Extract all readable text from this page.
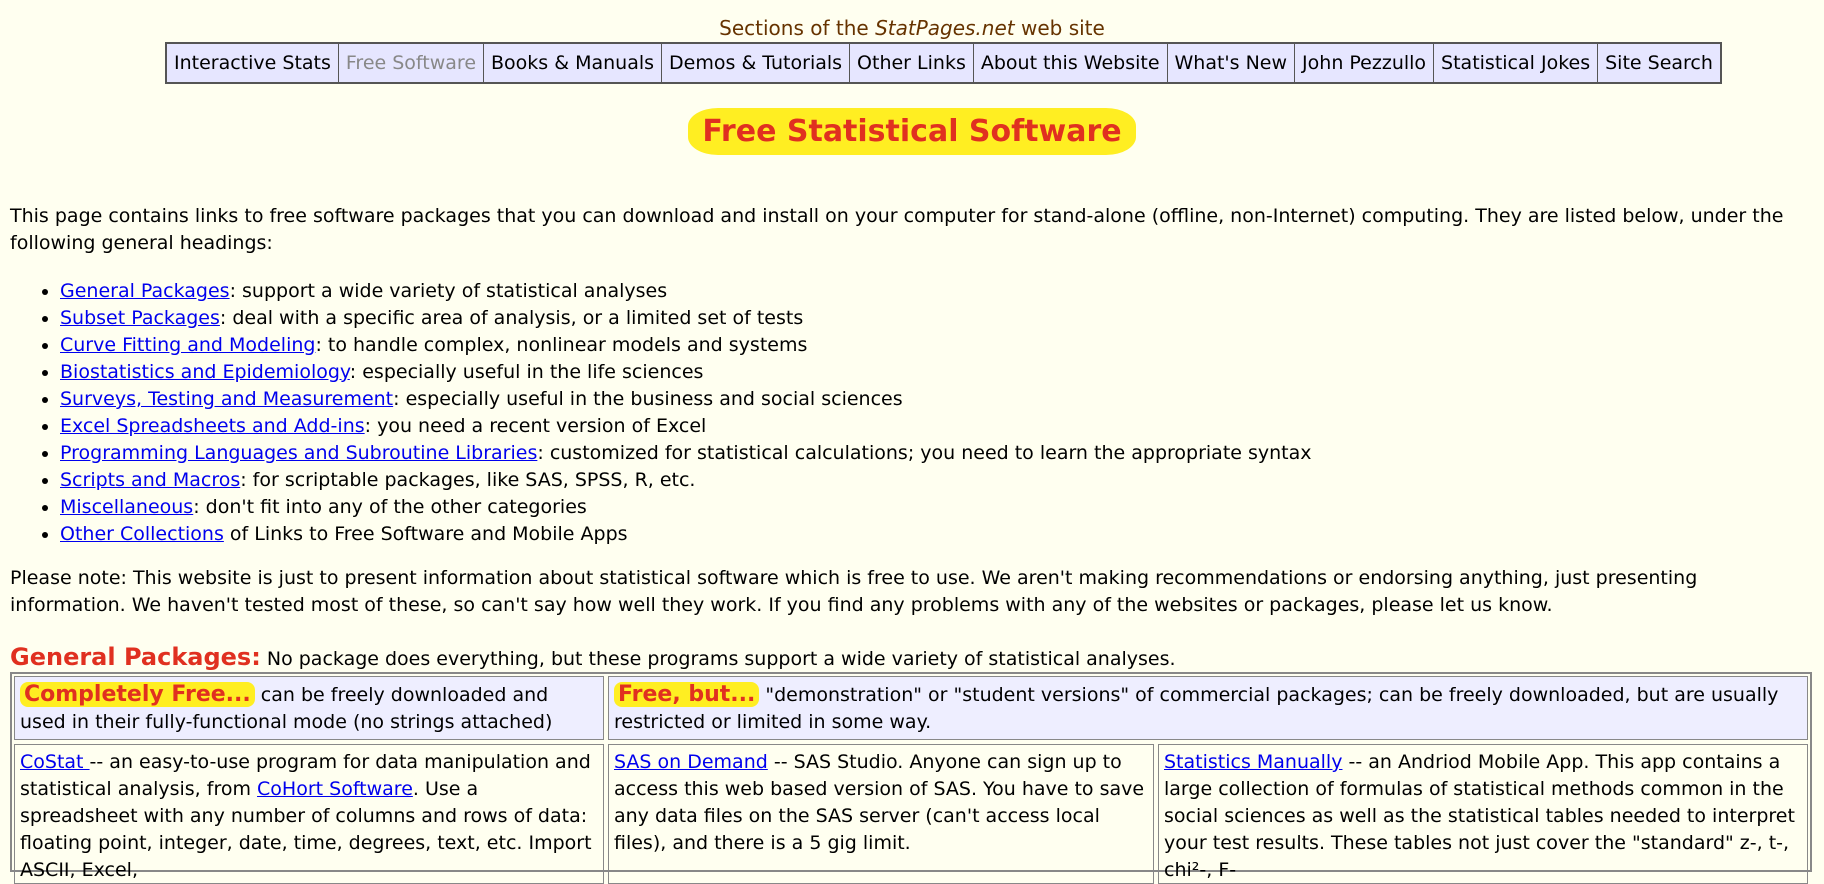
Sections of the StatPages.net web site
Interactive Stats Free Software Books & Manuals Demos & Tutorials Other Links About this Website What's New John Pezzullo Statistical Jokes Site Search
Free Statistical Software
This page contains links to free software packages that you can download and install on your computer for stand-alone (offline, non-Internet) computing. They are listed below, under the following general headings:
• General Packages: support a wide variety of statistical analyses
• Subset Packages: deal with a specific area of analysis, or a limited set of tests
• Curve Fitting and Modeling: to handle complex, nonlinear models and systems
• Biostatistics and Epidemiology: especially useful in the life sciences
• Surveys, Testing and Measurement: especially useful in the business and social sciences
• Excel Spreadsheets and Add-ins: you need a recent version of Excel
• Programming Languages and Subroutine Libraries: customized for statistical calculations; you need to learn the appropriate syntax
• Scripts and Macros: for scriptable packages, like SAS, SPSS, R, etc.
• Miscellaneous: don't fit into any of the other categories
• Other Collections of Links to Free Software and Mobile Apps
Please note: This website is just to present information about statistical software which is free to use. We aren't making recommendations or endorsing anything, just presenting information. We haven't tested most of these, so can't say how well they work. If you find any problems with any of the websites or packages, please let us know.
General Packages: No package does everything, but these programs support a wide variety of statistical analyses.
Completely Free... can be freely downloaded and used in their fully-functional mode (no strings attached)
Free, but... "demonstration" or "student versions" of commercial packages; can be freely downloaded, but are usually restricted or limited in some way.
CoStat -- an easy-to-use program for data manipulation and statistical analysis, from CoHort Software. Use a spreadsheet with any number of columns and rows of data: floating point, integer, date, time, degrees, text, etc. Import ASCII, Excel,
SAS on Demand -- SAS Studio. Anyone can sign up to access this web based version of SAS. You have to save any data files on the SAS server (can't access local files), and there is a 5 gig limit.
Statistics Manually -- an Andriod Mobile App. This app contains a large collection of formulas of statistical methods common in the social sciences as well as the statistical tables needed to interpret your test results. These tables not just cover the "standard" z-, t-, chi²-, F-
